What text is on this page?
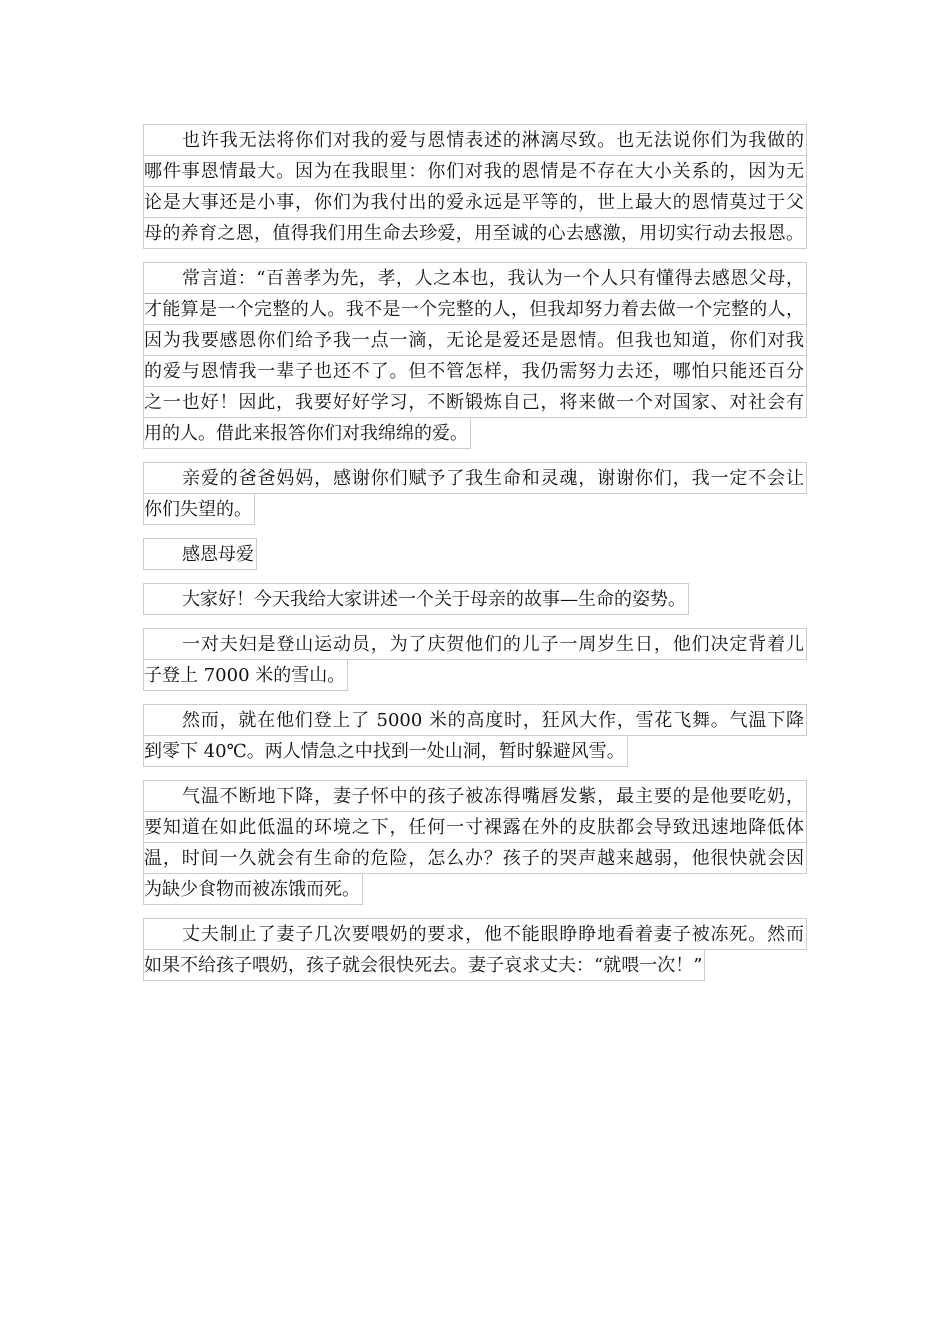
也许我无法将你们对我的爱与恩情表述的淋漓尽致。也无法说你们为我做的
哪件事恩情最大。因为在我眼里：你们对我的恩情是不存在大小关系的，因为无
论是大事还是小事，你们为我付出的爱永远是平等的，世上最大的恩情莫过于父
母的养育之恩，值得我们用生命去珍爱，用至诚的心去感激，用切实行动去报恩。
常言道：“百善孝为先，孝，人之本也，我认为一个人只有懂得去感恩父母，
才能算是一个完整的人。我不是一个完整的人，但我却努力着去做一个完整的人，
因为我要感恩你们给予我一点一滴，无论是爱还是恩情。但我也知道，你们对我
的爱与恩情我一辈子也还不了。但不管怎样，我仍需努力去还，哪怕只能还百分
之一也好！因此，我要好好学习，不断锻炼自己，将来做一个对国家、对社会有
用的人。借此来报答你们对我绵绵的爱。
亲爱的爸爸妈妈，感谢你们赋予了我生命和灵魂，谢谢你们，我一定不会让
你们失望的。
感恩母爱
大家好！今天我给大家讲述一个关于母亲的故事—生命的姿势。
一对夫妇是登山运动员，为了庆贺他们的儿子一周岁生日，他们决定背着儿
子登上 7000 米的雪山。
然而，就在他们登上了 5000 米的高度时，狂风大作，雪花飞舞。气温下降
到零下 40℃。两人情急之中找到一处山洞，暂时躲避风雪。
气温不断地下降，妻子怀中的孩子被冻得嘴唇发紫，最主要的是他要吃奶，
要知道在如此低温的环境之下，任何一寸裸露在外的皮肤都会导致迅速地降低体
温，时间一久就会有生命的危险，怎么办？孩子的哭声越来越弱，他很快就会因
为缺少食物而被冻饿而死。
丈夫制止了妻子几次要喂奶的要求，他不能眼睁睁地看着妻子被冻死。然而
如果不给孩子喂奶，孩子就会很快死去。妻子哀求丈夫：“就喂一次！”
